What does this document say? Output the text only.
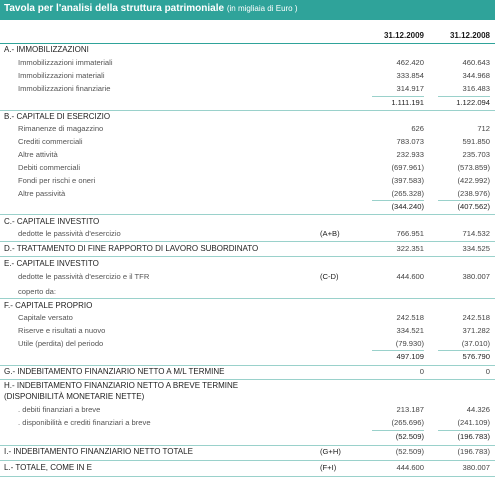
Tavola per l'analisi della struttura patrimoniale (in migliaia di Euro )
31.12.2009	31.12.2008
A.- IMMOBILIZZAZIONI
Immobilizzazioni immateriali	462.420	460.643
Immobilizzazioni materiali	333.854	344.968
Immobilizzazioni finanziarie	314.917	316.483
1.111.191	1.122.094
B.- CAPITALE DI ESERCIZIO
Rimanenze di magazzino	626	712
Crediti commerciali	783.073	591.850
Altre attività	232.933	235.703
Debiti commerciali	(697.961)	(573.859)
Fondi per rischi e oneri	(397.583)	(422.992)
Altre passività	(265.328)	(238.976)
(344.240)	(407.562)
C.- CAPITALE INVESTITO
dedotte le passività d'esercizio	(A+B)	766.951	714.532
D.- TRATTAMENTO DI FINE RAPPORTO DI LAVORO SUBORDINATO	322.351	334.525
E.- CAPITALE INVESTITO
dedotte le passività d'esercizio e il TFR	(C-D)	444.600	380.007
coperto da:
F.- CAPITALE PROPRIO
Capitale versato	242.518	242.518
Riserve e risultati a nuovo	334.521	371.282
Utile (perdita) del periodo	(79.930)	(37.010)
497.109	576.790
G.- INDEBITAMENTO FINANZIARIO NETTO A M/L TERMINE	0	0
H.- INDEBITAMENTO FINANZIARIO NETTO A BREVE TERMINE
(DISPONIBILITÀ MONETARIE NETTE)
. debiti finanziari a breve	213.187	44.326
. disponibilità e crediti finanziari a breve	(265.696)	(241.109)
(52.509)	(196.783)
I.- INDEBITAMENTO FINANZIARIO NETTO TOTALE	(G+H)	(52.509)	(196.783)
L.- TOTALE, COME IN E	(F+I)	444.600	380.007
